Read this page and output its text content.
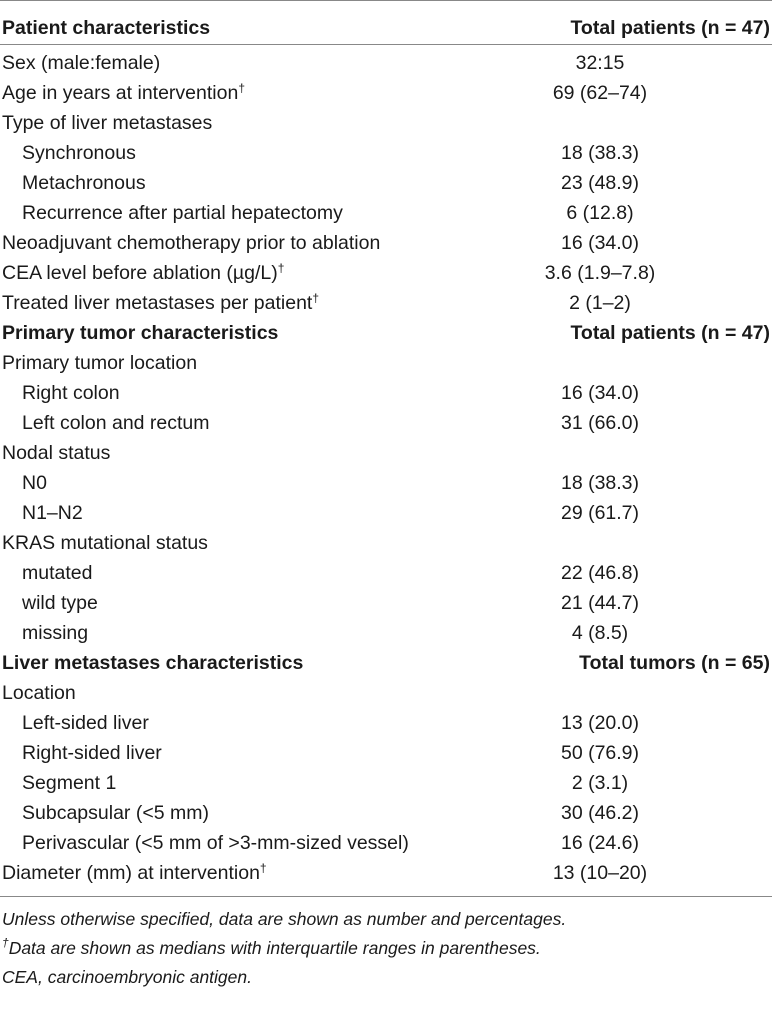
Patient characteristics	Total patients (n = 47)
Sex (male:female)	32:15
Age in years at intervention†	69 (62–74)
Type of liver metastases
Synchronous	18 (38.3)
Metachronous	23 (48.9)
Recurrence after partial hepatectomy	6 (12.8)
Neoadjuvant chemotherapy prior to ablation	16 (34.0)
CEA level before ablation (µg/L)†	3.6 (1.9–7.8)
Treated liver metastases per patient†	2 (1–2)
Primary tumor characteristics	Total patients (n = 47)
Primary tumor location
Right colon	16 (34.0)
Left colon and rectum	31 (66.0)
Nodal status
N0	18 (38.3)
N1–N2	29 (61.7)
KRAS mutational status
mutated	22 (46.8)
wild type	21 (44.7)
missing	4 (8.5)
Liver metastases characteristics	Total tumors (n = 65)
Location
Left-sided liver	13 (20.0)
Right-sided liver	50 (76.9)
Segment 1	2 (3.1)
Subcapsular (<5 mm)	30 (46.2)
Perivascular (<5 mm of >3-mm-sized vessel)	16 (24.6)
Diameter (mm) at intervention†	13 (10–20)
Unless otherwise specified, data are shown as number and percentages.
†Data are shown as medians with interquartile ranges in parentheses.
CEA, carcinoembryonic antigen.
